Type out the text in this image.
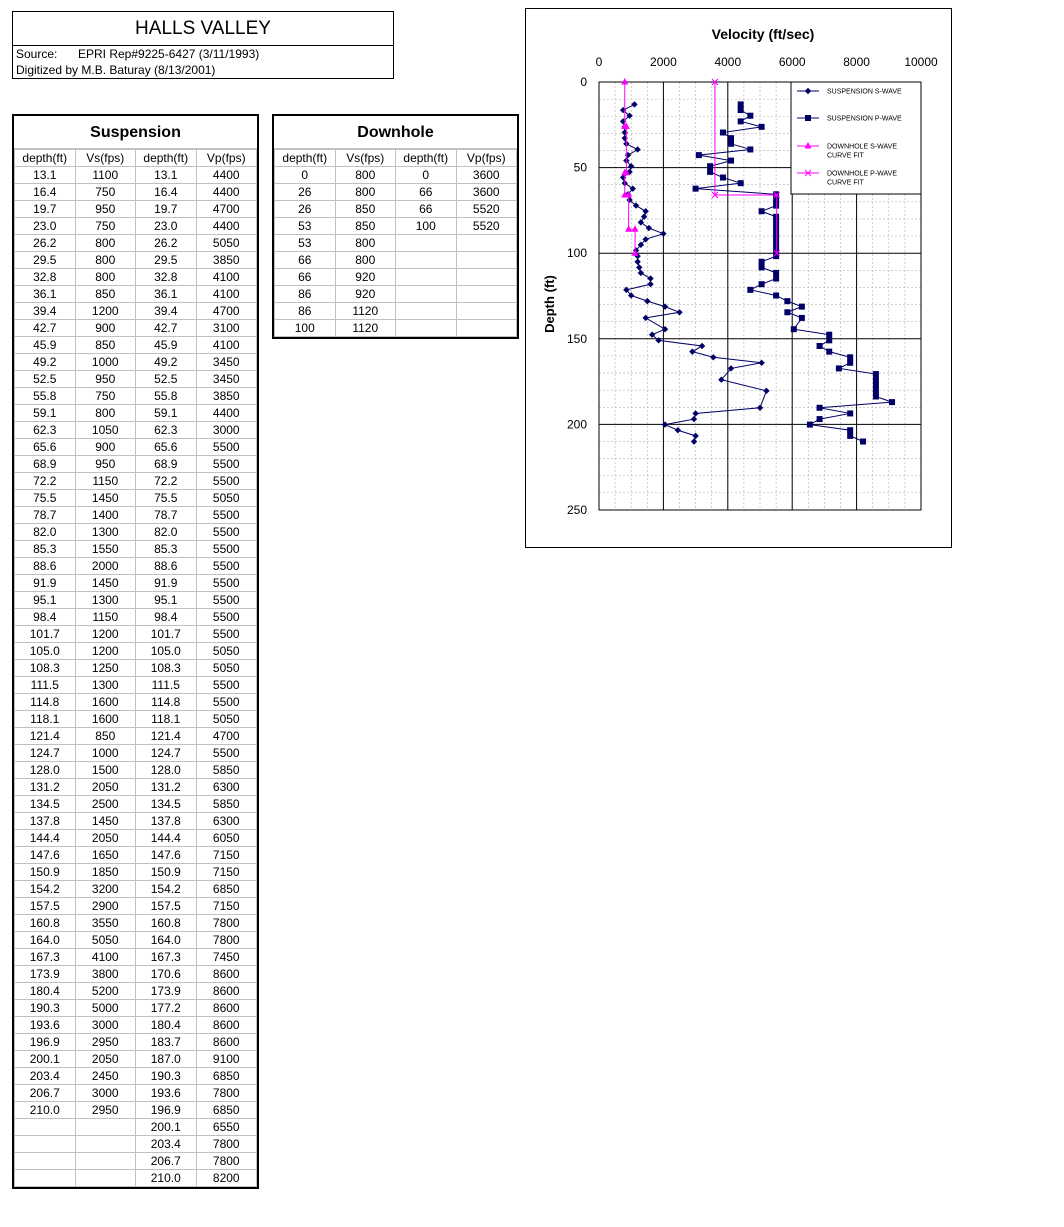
HALLS VALLEY
Source: EPRI Rep#9225-6427 (3/11/1993)
Digitized by M.B. Baturay (8/13/2001)
Suspension
depth(ft)	Vs(fps)	depth(ft)	Vp(fps)
13.1	1100	13.1	4400
16.4	750	16.4	4400
19.7	950	19.7	4700
23.0	750	23.0	4400
26.2	800	26.2	5050
29.5	800	29.5	3850
32.8	800	32.8	4100
36.1	850	36.1	4100
39.4	1200	39.4	4700
42.7	900	42.7	3100
45.9	850	45.9	4100
49.2	1000	49.2	3450
52.5	950	52.5	3450
55.8	750	55.8	3850
59.1	800	59.1	4400
62.3	1050	62.3	3000
65.6	900	65.6	5500
68.9	950	68.9	5500
72.2	1150	72.2	5500
75.5	1450	75.5	5050
78.7	1400	78.7	5500
82.0	1300	82.0	5500
85.3	1550	85.3	5500
88.6	2000	88.6	5500
91.9	1450	91.9	5500
95.1	1300	95.1	5500
98.4	1150	98.4	5500
101.7	1200	101.7	5500
105.0	1200	105.0	5050
108.3	1250	108.3	5050
111.5	1300	111.5	5500
114.8	1600	114.8	5500
118.1	1600	118.1	5050
121.4	850	121.4	4700
124.7	1000	124.7	5500
128.0	1500	128.0	5850
131.2	2050	131.2	6300
134.5	2500	134.5	5850
137.8	1450	137.8	6300
144.4	2050	144.4	6050
147.6	1650	147.6	7150
150.9	1850	150.9	7150
154.2	3200	154.2	6850
157.5	2900	157.5	7150
160.8	3550	160.8	7800
164.0	5050	164.0	7800
167.3	4100	167.3	7450
173.9	3800	170.6	8600
180.4	5200	173.9	8600
190.3	5000	177.2	8600
193.6	3000	180.4	8600
196.9	2950	183.7	8600
200.1	2050	187.0	9100
203.4	2450	190.3	6850
206.7	3000	193.6	7800
210.0	2950	196.9	6850
		200.1	6550
		203.4	7800
		206.7	7800
		210.0	8200
Downhole
depth(ft)	Vs(fps)	depth(ft)	Vp(fps)
0	800	0	3600
26	800	66	3600
26	850	66	5520
53	850	100	5520
53	800		
66	800		
66	920		
86	920		
86	1120		
100	1120		
Velocity (ft/sec)
Depth (ft)
0	2000	4000	6000	8000	10000
0
50
100
150
200
250
SUSPENSION S-WAVE
SUSPENSION P-WAVE
DOWNHOLE S-WAVE CURVE FIT
DOWNHOLE P-WAVE CURVE FIT
